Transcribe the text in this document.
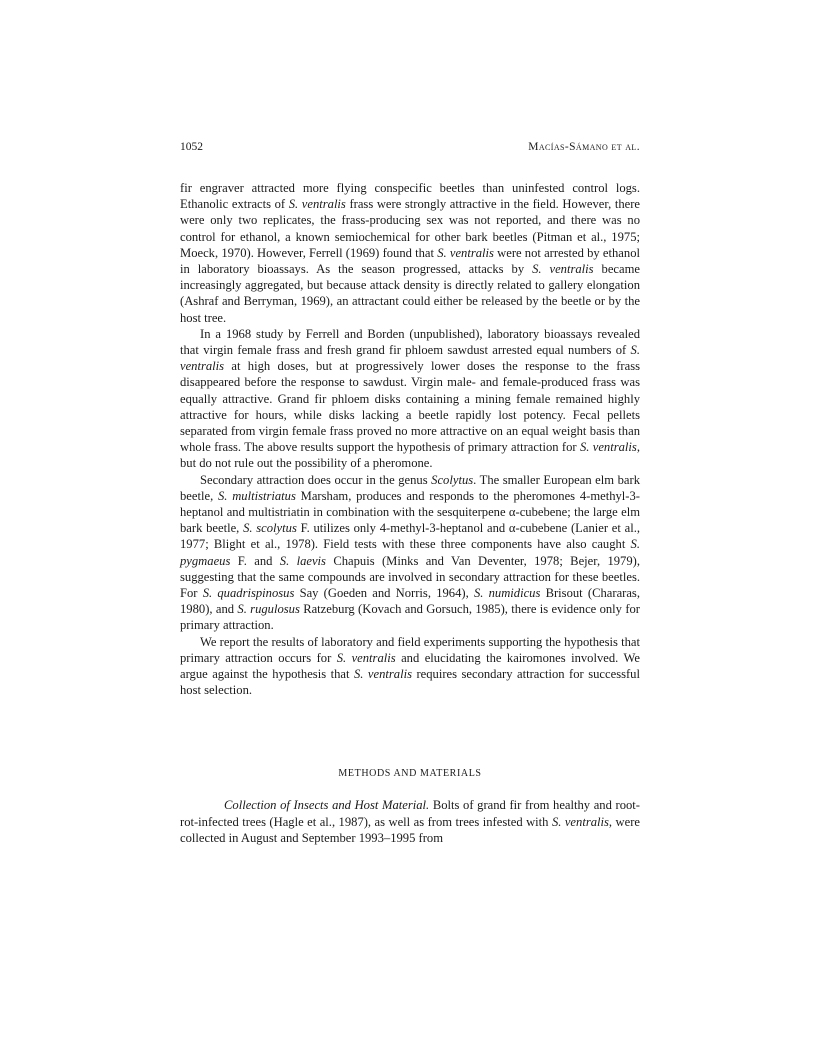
1052	Macías-Sámano et al.

fir engraver attracted more flying conspecific beetles than uninfested control logs. Ethanolic extracts of S. ventralis frass were strongly attractive in the field. However, there were only two replicates, the frass-producing sex was not reported, and there was no control for ethanol, a known semiochemical for other bark beetles (Pitman et al., 1975; Moeck, 1970). However, Ferrell (1969) found that S. ventralis were not arrested by ethanol in laboratory bioassays. As the season progressed, attacks by S. ventralis became increasingly aggregated, but because attack density is directly related to gallery elongation (Ashraf and Berryman, 1969), an attractant could either be released by the beetle or by the host tree.

In a 1968 study by Ferrell and Borden (unpublished), laboratory bioassays revealed that virgin female frass and fresh grand fir phloem sawdust arrested equal numbers of S. ventralis at high doses, but at progressively lower doses the response to the frass disappeared before the response to sawdust. Virgin male- and female-produced frass was equally attractive. Grand fir phloem disks containing a mining female remained highly attractive for hours, while disks lacking a beetle rapidly lost potency. Fecal pellets separated from virgin female frass proved no more attractive on an equal weight basis than whole frass. The above results support the hypothesis of primary attraction for S. ventralis, but do not rule out the possibility of a pheromone.

Secondary attraction does occur in the genus Scolytus. The smaller European elm bark beetle, S. multistriatus Marsham, produces and responds to the pheromones 4-methyl-3-heptanol and multistriatin in combination with the sesquiterpene α-cubebene; the large elm bark beetle, S. scolytus F. utilizes only 4-methyl-3-heptanol and α-cubebene (Lanier et al., 1977; Blight et al., 1978). Field tests with these three components have also caught S. pygmaeus F. and S. laevis Chapuis (Minks and Van Deventer, 1978; Bejer, 1979), suggesting that the same compounds are involved in secondary attraction for these beetles. For S. quadrispinosus Say (Goeden and Norris, 1964), S. numidicus Brisout (Chararas, 1980), and S. rugulosus Ratzeburg (Kovach and Gorsuch, 1985), there is evidence only for primary attraction.

We report the results of laboratory and field experiments supporting the hypothesis that primary attraction occurs for S. ventralis and elucidating the kairomones involved. We argue against the hypothesis that S. ventralis requires secondary attraction for successful host selection.

METHODS AND MATERIALS

Collection of Insects and Host Material. Bolts of grand fir from healthy and root-rot-infected trees (Hagle et al., 1987), as well as from trees infested with S. ventralis, were collected in August and September 1993–1995 from
